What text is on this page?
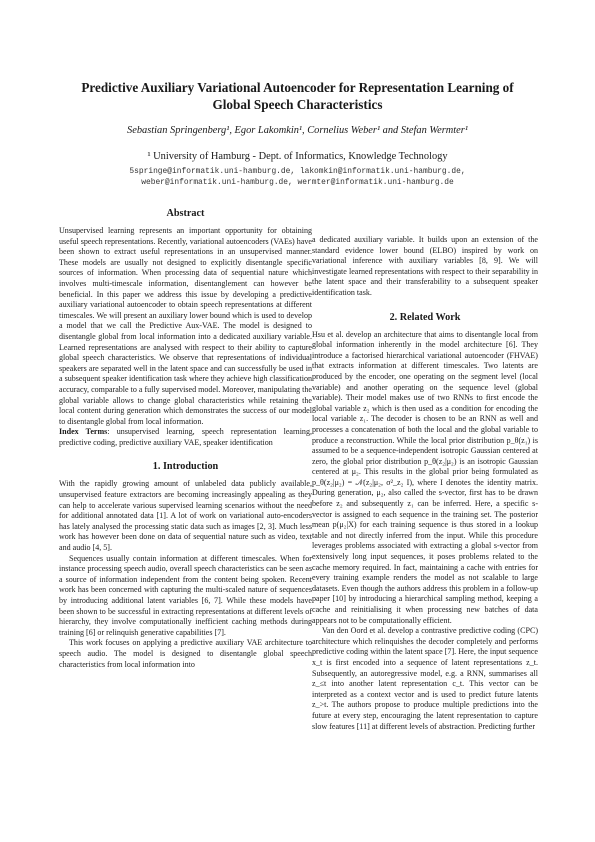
Predictive Auxiliary Variational Autoencoder for Representation Learning of
Global Speech Characteristics
Sebastian Springenberg¹, Egor Lakomkin¹, Cornelius Weber¹ and Stefan Wermter¹
¹ University of Hamburg - Dept. of Informatics, Knowledge Technology
5springe@informatik.uni-hamburg.de, lakomkin@informatik.uni-hamburg.de,
weber@informatik.uni-hamburg.de, wermter@informatik.uni-hamburg.de
Abstract

Unsupervised learning represents an important opportunity for obtaining useful speech representations. Recently, variational autoencoders (VAEs) have been shown to extract useful representations in an unsupervised manner. These models are usually not designed to explicitly disentangle specific sources of information. When processing data of sequential nature which involves multi-timescale information, disentanglement can however be beneficial. In this paper we address this issue by developing a predictive auxiliary variational autoencoder to obtain speech representations at different timescales. We will present an auxiliary lower bound which is used to develop a model that we call the Predictive Aux-VAE. The model is designed to disentangle global from local information into a dedicated auxiliary variable. Learned representations are analysed with respect to their ability to capture global speech characteristics. We observe that representations of individual speakers are separated well in the latent space and can successfully be used in a subsequent speaker identification task where they achieve high classification accuracy, comparable to a fully supervised model. Moreover, manipulating the global variable allows to change global characteristics while retaining the local content during generation which demonstrates the success of our model to disentangle global from local information.

Index Terms: unsupervised learning, speech representation learning, predictive coding, predictive auxiliary VAE, speaker identification

1. Introduction

With the rapidly growing amount of unlabeled data publicly available, unsupervised feature extractors are becoming increasingly appealing as they can help to accelerate various supervised learning scenarios without the need for additional annotated data [1]. A lot of work on variational auto-encoders has lately analysed the processing static data such as images [2, 3]. Much less work has however been done on data of sequential nature such as video, text and audio [4, 5].

Sequences usually contain information at different timescales. When for instance processing speech audio, overall speech characteristics can be seen as a source of information independent from the content being spoken. Recent work has been concerned with capturing the multi-scaled nature of sequences by introducing additional latent variables [6, 7]. While these models have been shown to be successful in extracting representations at different levels of hierarchy, they involve computationally inefficient caching methods during training [6] or relinquish generative capabilities [7].

This work focuses on applying a predictive auxiliary VAE architecture to speech audio. The model is designed to disentangle global speech characteristics from local information into

a dedicated auxiliary variable. It builds upon an extension of the standard evidence lower bound (ELBO) inspired by work on variational inference with auxiliary variables [8, 9]. We will investigate learned representations with respect to their separability in the latent space and their transferability to a subsequent speaker identification task.

2. Related Work

Hsu et al. develop an architecture that aims to disentangle local from global information inherently in the model architecture [6]. They introduce a factorised hierarchical variational autoencoder (FHVAE) that extracts information at different timescales. Two latents are produced by the encoder, one operating on the segment level (local variable) and another operating on the sequence level (global variable). Their model makes use of two RNNs to first encode the global variable z₂ which is then used as a condition for encoding the local variable z₁. The decoder is chosen to be an RNN as well and processes a concatenation of both the local and the global variable to produce a reconstruction. While the local prior distribution p_θ(z₁) is assumed to be a sequence-independent isotropic Gaussian centered at zero, the global prior distribution p_θ(z₂|μ₂) is an isotropic Gaussian centered at μ₂. This results in the global prior being formulated as p_θ(z₂|μ₂) = 𝒩(z₂|μ₂, σ²_z₂ I), where I denotes the identity matrix. During generation, μ₂, also called the s-vector, first has to be drawn before z₂ and subsequently z₁ can be inferred. Here, a specific s-vector is assigned to each sequence in the training set. The posterior mean p(μ₂|X) for each training sequence is thus stored in a lookup table and not directly inferred from the input. While this procedure leverages problems associated with extracting a global s-vector from extensively long input sequences, it poses problems related to the cache memory required. In fact, maintaining a cache with entries for every training example renders the model as not scalable to large datasets. Even though the authors address this problem in a follow-up paper [10] by introducing a hierarchical sampling method, keeping a cache and reinitialising it when processing new batches of data appears not to be computationally efficient.

Van den Oord et al. develop a contrastive predictive coding (CPC) architecture which relinquishes the decoder completely and performs predictive coding within the latent space [7]. Here, the input sequence x_t is first encoded into a sequence of latent representations z_t. Subsequently, an autoregressive model, e.g. a RNN, summarises all z_≤t into another latent representation c_t. This vector can be interpreted as a context vector and is used to predict future latents z_>t. The authors propose to produce multiple predictions into the future at every step, encouraging the latent representation to capture slow features [11] at different levels of abstraction. Predicting further
